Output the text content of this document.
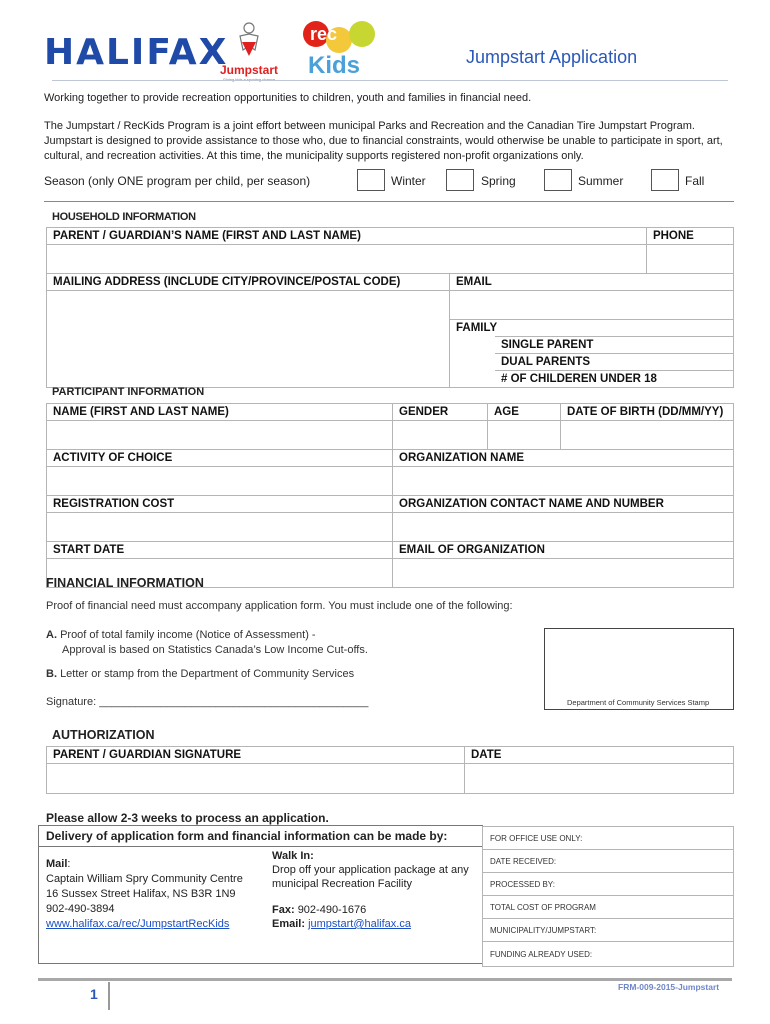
HALIFAX
Jumpstart
Giving kids a sporting chance
rec
Kids	Jumpstart Application
Working together to provide recreation opportunities to children, youth and families in financial need.
The Jumpstart / RecKids Program is a joint effort between municipal Parks and Recreation and the Canadian Tire Jumpstart Program. Jumpstart is designed to provide assistance to those who, due to financial constraints, would otherwise be unable to participate in sport, art, cultural, and recreation activities. At this time, the municipality supports registered non-profit organizations only.
Season (only ONE program per child, per season)	Winter	Spring	Summer	Fall
HOUSEHOLD INFORMATION
PARENT / GUARDIAN’S NAME (FIRST AND LAST NAME)		PHONE

MAILING ADDRESS (INCLUDE CITY/PROVINCE/POSTAL CODE)	EMAIL	

	FAMILY
SINGLE PARENT
DUAL PARENTS
# OF CHILDEREN UNDER 18	
PARTICIPANT INFORMATION
NAME (FIRST AND LAST NAME)	GENDER	AGE	DATE OF BIRTH (DD/MM/YY)

ACTIVITY OF CHOICE	ORGANIZATION NAME		

REGISTRATION COST	ORGANIZATION CONTACT NAME AND NUMBER		

START DATE	EMAIL OF ORGANIZATION		

FINANCIAL INFORMATION
Proof of financial need must accompany application form. You must include one of the following:
A. Proof of total family income (Notice of Assessment) -
Approval is based on Statistics Canada’s Low Income Cut-offs.
B. Letter or stamp from the Department of Community Services
Signature: ____________________________________________	Department of Community Services Stamp
AUTHORIZATION
PARENT / GUARDIAN SIGNATURE	DATE

Please allow 2-3 weeks to process an application.
Delivery of application form and financial information can be made by:
Mail:
Captain William Spry Community Centre
16 Sussex Street Halifax, NS B3R 1N9
902-490-3894
www.halifax.ca/rec/JumpstartRecKids
Walk In:
Drop off your application package at any
municipal Recreation Facility
Fax: 902-490-1676
Email: jumpstart@halifax.ca
FOR OFFICE USE ONLY:
DATE RECEIVED:
PROCESSED BY:
TOTAL COST OF PROGRAM
MUNICIPALITY/JUMPSTART:
FUNDING ALREADY USED:
1	FRM-009-2015-Jumpstart
